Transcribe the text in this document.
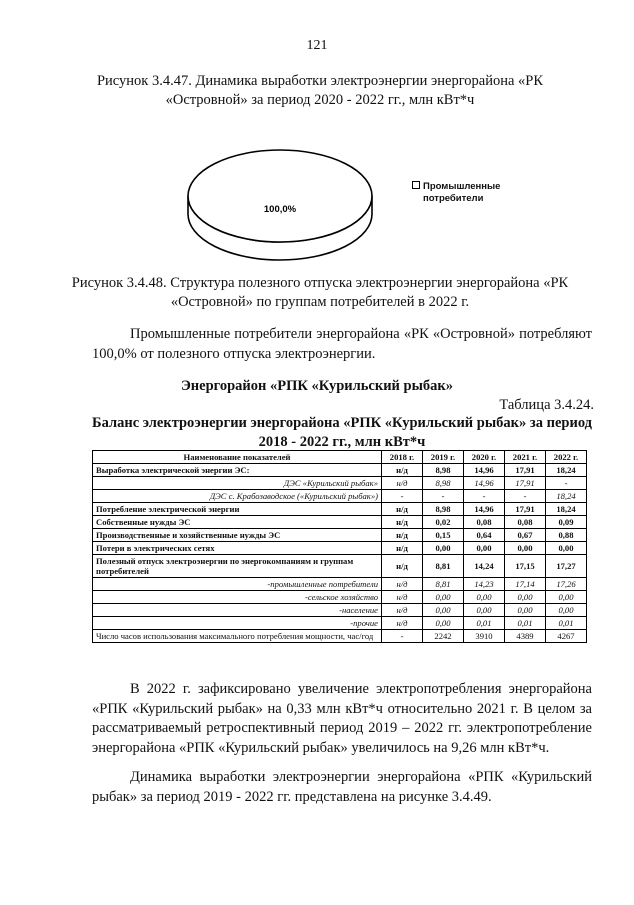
121
Рисунок 3.4.47. Динамика выработки электроэнергии энергорайона «РК «Островной» за период 2020 - 2022 гг., млн кВт*ч
100,0%
Промышленные потребители
Рисунок 3.4.48. Структура полезного отпуска электроэнергии энергорайона «РК «Островной» по группам потребителей в 2022 г.
Промышленные потребители энергорайона «РК «Островной» потребляют 100,0% от полезного отпуска электроэнергии.
Энергорайон «РПК «Курильский рыбак»
Таблица 3.4.24.
Баланс электроэнергии энергорайона «РПК «Курильский рыбак» за период 2018 - 2022 гг., млн кВт*ч
Наименование показателей	2018 г.	2019 г.	2020 г.	2021 г.	2022 г.
Выработка электрической энергии ЭС:	н/д	8,98	14,96	17,91	18,24
ДЭС «Курильский рыбак»	н/д	8,98	14,96	17,91	-
ДЭС с. Крабозаводское («Курильский рыбак»)	-	-	-	-	18,24
Потребление электрической энергии	н/д	8,98	14,96	17,91	18,24
Собственные нужды ЭС	н/д	0,02	0,08	0,08	0,09
Производственные и хозяйственные нужды ЭС	н/д	0,15	0,64	0,67	0,88
Потери в электрических сетях	н/д	0,00	0,00	0,00	0,00
Полезный отпуск электроэнергии по энергокомпаниям и группам потребителей	н/д	8,81	14,24	17,15	17,27
-промышленные потребители	н/д	8,81	14,23	17,14	17,26
-сельское хозяйство	н/д	0,00	0,00	0,00	0,00
-население	н/д	0,00	0,00	0,00	0,00
-прочие	н/д	0,00	0,01	0,01	0,01
Число часов использования максимального потребления мощности, час/год	-	2242	3910	4389	4267
В 2022 г. зафиксировано увеличение электропотребления энергорайона «РПК «Курильский рыбак» на 0,33 млн кВт*ч относительно 2021 г. В целом за рассматриваемый ретроспективный период 2019 – 2022 гг. электропотребление энергорайона «РПК «Курильский рыбак» увеличилось на 9,26 млн кВт*ч.
Динамика выработки электроэнергии энергорайона «РПК «Курильский рыбак» за период 2019 - 2022 гг. представлена на рисунке 3.4.49.
